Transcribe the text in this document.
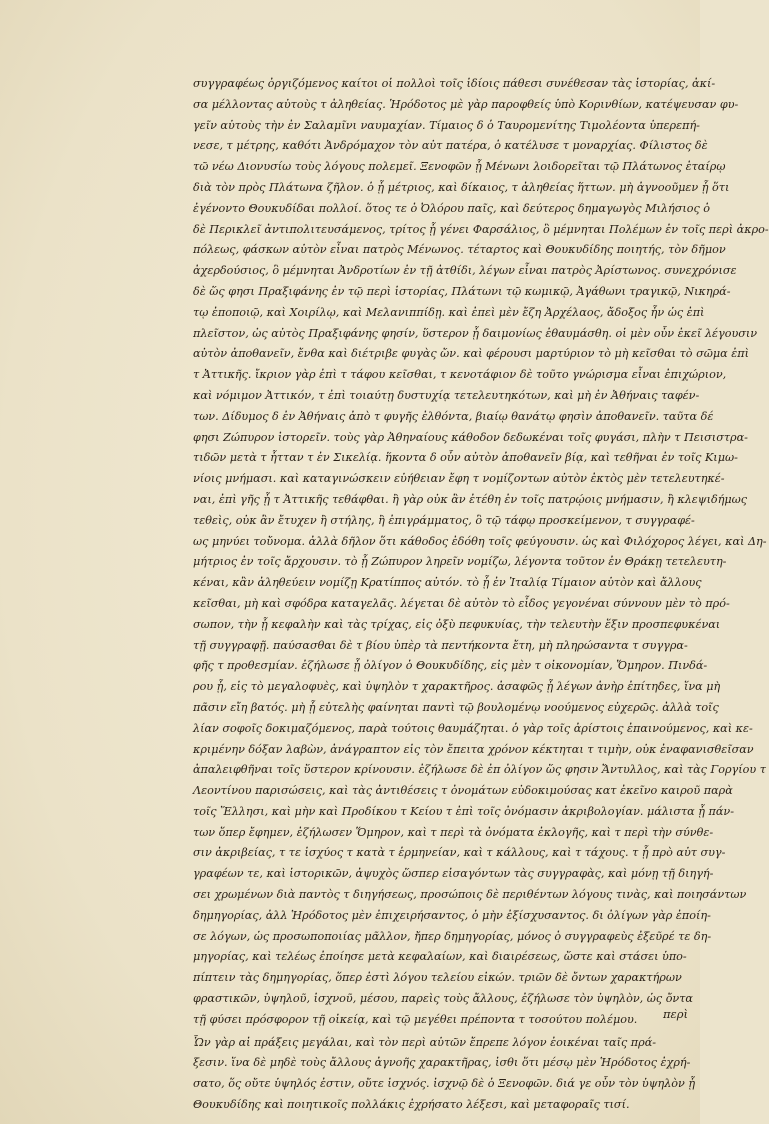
συγγραφέως ὀργιζόμενος καίτοι οἱ πολλοὶ τοῖς ἰδίοις πάθεσι συνέθεσαν τὰς ἱστορίας, ἀκί-
σα μέλλοντας αὐτοὺς τ ἀληθείας. Ἡρόδοτος μὲ γὰρ παροφθείς ὑπὸ Κορινθίων, κατέψευσαν φυ-
γεῖν αὐτοὺς τὴν ἐν Σαλαμῖνι ναυμαχίαν. Τίμαιος δ ὁ Ταυρομενίτης Τιμολέοντα ὑπερεπή-
νεσε, τ μέτρης, καθότι Ἀνδρόμαχον τὸν αὐτ πατέρα, ὁ κατέλυσε τ μοναρχίας. Φίλιστος δὲ
τῶ νέω Διονυσίω τοὺς λόγους πολεμεῖ. Ξενοφῶν ᾗ Μένωνι λοιδορεῖται τῷ Πλάτωνος ἑταίρῳ
διὰ τὸν πρὸς Πλάτωνα ζῆλον. ὁ ᾗ μέτριος, καὶ δίκαιος, τ ἀληθείας ἥττων. μὴ ἀγνοοῦμεν ᾗ ὅτι
ἐγένοντο Θουκυδίδαι πολλοί. ὅτος τε ὁ Ὀλόρου παῖς, καὶ δεύτερος δημαγωγὸς Μιλήσιος ὁ
δὲ Περικλεῖ ἀντιπολιτευσάμενος, τρίτος ᾗ γένει Φαρσάλιος, ὃ μέμνηται Πολέμων ἐν τοῖς περὶ ἀκρο-
πόλεως, φάσκων αὐτὸν εἶναι πατρὸς Μένωνος. τέταρτος καὶ Θουκυδίδης ποιητής, τὸν δῆμον
ἀχερδούσιος, ὃ μέμνηται Ἀνδροτίων ἐν τῇ ἀτθίδι, λέγων εἶναι πατρὸς Ἀρίστωνος. συνεχρόνισε
δὲ ὥς φησι Πραξιφάνης ἐν τῷ περὶ ἱστορίας, Πλάτωνι τῷ κωμικῷ, Ἀγάθωνι τραγικῷ, Νικηρά-
τῳ ἐποποιῷ, καὶ Χοιρίλῳ, καὶ Μελανιππίδῃ. καὶ ἐπεὶ μὲν ἔζη Ἀρχέλαος, ἄδοξος ἦν ὡς ἐπὶ
πλεῖστον, ὡς αὐτὸς Πραξιφάνης φησίν, ὕστερον ᾗ δαιμονίως ἐθαυμάσθη. οἱ μὲν οὖν ἐκεῖ λέγουσιν
αὐτὸν ἀποθανεῖν, ἔνθα καὶ διέτριβε φυγὰς ὤν. καὶ φέρουσι μαρτύριον τὸ μὴ κεῖσθαι τὸ σῶμα ἐπὶ
τ Ἀττικῆς. ἴκριον γὰρ ἐπὶ τ τάφου κεῖσθαι, τ κενοτάφιον δὲ τοῦτο γνώρισμα εἶναι ἐπιχώριον,
καὶ νόμιμον Ἀττικόν, τ ἐπὶ τοιαύτῃ δυστυχίᾳ τετελευτηκότων, καὶ μὴ ἐν Ἀθήναις ταφέν-
των. Δίδυμος δ ἐν Ἀθήναις ἀπὸ τ φυγῆς ἐλθόντα, βιαίῳ θανάτῳ φησὶν ἀποθανεῖν. ταῦτα δέ
φησι Ζώπυρον ἱστορεῖν. τοὺς γὰρ Ἀθηναίους κάθοδον δεδωκέναι τοῖς φυγάσι, πλὴν τ Πεισιστρα-
τιδῶν μετὰ τ ἧτταν τ ἐν Σικελίᾳ. ἥκοντα δ οὖν αὐτὸν ἀποθανεῖν βίᾳ, καὶ τεθῆναι ἐν τοῖς Κιμω-
νίοις μνήμασι. καὶ καταγινώσκειν εὐήθειαν ἔφη τ νομίζοντων αὐτὸν ἐκτὸς μὲν τετελευτηκέ-
ναι, ἐπὶ γῆς ᾗ τ Ἀττικῆς τεθάφθαι. ἢ γὰρ οὐκ ἂν ἐτέθη ἐν τοῖς πατρῴοις μνήμασιν, ἢ κλεψιδήμως
τεθεὶς, οὐκ ἂν ἔτυχεν ἢ στήλης, ἢ ἐπιγράμματος, ὃ τῷ τάφῳ προσκείμενον, τ συγγραφέ-
ως μηνύει τοὔνομα. ἀλλὰ δῆλον ὅτι κάθοδος ἐδόθη τοῖς φεύγουσιν. ὡς καὶ Φιλόχορος λέγει, καὶ Δη-
μήτριος ἐν τοῖς ἄρχουσιν. τὸ ᾗ Ζώπυρον ληρεῖν νομίζω, λέγοντα τοῦτον ἐν Θράκῃ τετελευτη-
κέναι, κἂν ἀληθεύειν νομίζῃ Κρατίππος αὐτόν. τὸ ᾗ ἐν Ἰταλίᾳ Τίμαιον αὐτὸν καὶ ἄλλους
κεῖσθαι, μὴ καὶ σφόδρα καταγελᾶς. λέγεται δὲ αὐτὸν τὸ εἶδος γεγονέναι σύννουν μὲν τὸ πρό-
σωπον, τὴν ᾗ κεφαλὴν καὶ τὰς τρίχας, εἰς ὀξὺ πεφυκυίας, τὴν τελευτὴν ἕξιν προσπεφυκέναι
τῇ συγγραφῇ. παύσασθαι δὲ τ βίου ὑπὲρ τὰ πεντήκοντα ἔτη, μὴ πληρώσαντα τ συγγρα-
φῆς τ προθεσμίαν. ἐζήλωσε ᾗ ὀλίγον ὁ Θουκυδίδης, εἰς μὲν τ οἰκονομίαν, Ὅμηρον. Πινδά-
ρου ᾗ, εἰς τὸ μεγαλοφυὲς, καὶ ὑψηλὸν τ χαρακτῆρος. ἀσαφῶς ᾗ λέγων ἀνὴρ ἐπίτηδες, ἵνα μὴ
πᾶσιν εἴη βατός. μὴ ᾗ εὐτελὴς φαίνηται παντὶ τῷ βουλομένῳ νοούμενος εὐχερῶς. ἀλλὰ τοῖς
λίαν σοφοῖς δοκιμαζόμενος, παρὰ τούτοις θαυμάζηται. ὁ γὰρ τοῖς ἀρίστοις ἐπαινούμενος, καὶ κε-
κριμένην δόξαν λαβὼν, ἀνάγραπτον εἰς τὸν ἔπειτα χρόνον κέκτηται τ τιμὴν, οὐκ ἐναφανισθεῖσαν
ἀπαλειφθῆναι τοῖς ὕστερον κρίνουσιν. ἐζήλωσε δὲ ἐπ ὀλίγον ὥς φησιν Ἄντυλλος, καὶ τὰς Γοργίου τ
Λεοντίνου παρισώσεις, καὶ τὰς ἀντιθέσεις τ ὀνομάτων εὐδοκιμούσας κατ ἐκεῖνο καιροῦ παρὰ
τοῖς Ἕλλησι, καὶ μὴν καὶ Προδίκου τ Κείου τ ἐπὶ τοῖς ὀνόμασιν ἀκριβολογίαν. μάλιστα ᾗ πάν-
των ὅπερ ἔφημεν, ἐζήλωσεν Ὅμηρον, καὶ τ περὶ τὰ ὀνόματα ἐκλογῆς, καὶ τ περὶ τὴν σύνθε-
σιν ἀκριβείας, τ τε ἰσχύος τ κατὰ τ ἑρμηνείαν, καὶ τ κάλλους, καὶ τ τάχους. τ ᾗ πρὸ αὐτ συγ-
γραφέων τε, καὶ ἱστορικῶν, ἀψυχὸς ὥσπερ εἰσαγόντων τὰς συγγραφὰς, καὶ μόνῃ τῇ διηγή-
σει χρωμένων διὰ παντὸς τ διηγήσεως, προσώποις δὲ περιθέντων λόγους τινὰς, καὶ ποιησάντων
δημηγορίας, ἀλλ Ἡρόδοτος μὲν ἐπιχειρήσαντος, ὁ μὴν ἐξίσχυσαντος. δι ὀλίγων γὰρ ἐποίη-
σε λόγων, ὡς προσωποποιίας μᾶλλον, ἤπερ δημηγορίας, μόνος ὁ συγγραφεὺς ἐξεῦρέ τε δη-
μηγορίας, καὶ τελέως ἐποίησε μετὰ κεφαλαίων, καὶ διαιρέσεως, ὥστε καὶ στάσει ὑπο-
πίπτειν τὰς δημηγορίας, ὅπερ ἐστὶ λόγου τελείου εἰκών. τριῶν δὲ ὄντων χαρακτήρων
φραστικῶν, ὑψηλοῦ, ἰσχνοῦ, μέσου, παρεὶς τοὺς ἄλλους, ἐζήλωσε τὸν ὑψηλὸν, ὡς ὄντα
τῇ φύσει πρόσφορον τῇ οἰκείᾳ, καὶ τῷ μεγέθει πρέποντα τ τοσούτου πολέμου.
Ὧν γὰρ αἱ πράξεις μεγάλαι, καὶ τὸν περὶ αὐτῶν ἔπρεπε λόγον ἐοικέναι ταῖς πρά-
ξεσιν. ἵνα δὲ μηδὲ τοὺς ἄλλους ἀγνοῆς χαρακτῆρας, ἰσθι ὅτι μέσῳ μὲν Ἡρόδοτος ἐχρή-
σατο, ὅς οὔτε ὑψηλός ἐστιν, οὔτε ἰσχνός. ἰσχνῷ δὲ ὁ Ξενοφῶν. διά γε οὖν τὸν ὑψηλὸν ᾗ
Θουκυδίδης καὶ ποιητικοῖς πολλάκις ἐχρήσατο λέξεσι, καὶ μεταφοραῖς τισί.
περὶ
